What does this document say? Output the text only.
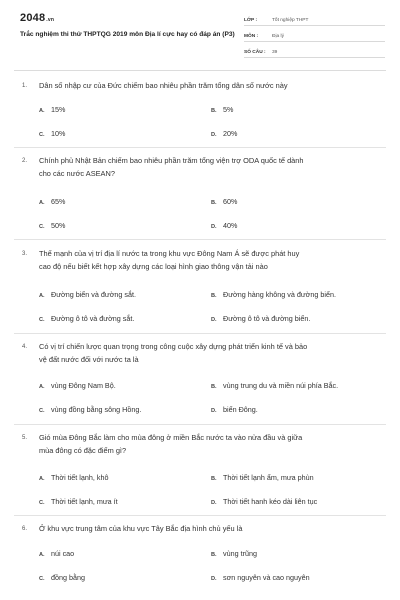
2048.vn
Trắc nghiệm thi thử THPTQG 2019 môn Địa lí cực hay có đáp án (P3)
LỚP :	Tốt nghiệp THPT
MÔN :	Địa lý
SỐ CÂU :	39
1.	Dân số nhập cư của Đức chiếm bao nhiêu phần trăm tổng dân số nước này
A. 15%	B. 5%
C. 10%	D. 20%
2.	Chính phủ Nhật Bản chiếm bao nhiêu phần trăm tổng viện trợ ODA quốc tế dành
cho các nước ASEAN?
A. 65%	B. 60%
C. 50%	D. 40%
3.	Thế mạnh của vị trí địa lí nước ta trong khu vực Đông Nam Á sẽ được phát huy
cao độ nếu biết kết hợp xây dựng các loại hình giao thông vận tải nào
A. Đường biển và đường sắt.	B. Đường hàng không và đường biển.
C. Đường ô tô và đường sắt.	D. Đường ô tô và đường biển.
4.	Có vị trí chiến lược quan trọng trong công cuộc xây dựng phát triển kinh tế và bảo
vệ đất nước đối với nước ta là
A. vùng Đông Nam Bộ.	B. vùng trung du và miền núi phía Bắc.
C. vùng đồng bằng sông Hồng.	D. biển Đông.
5.	Gió mùa Đông Bắc làm cho mùa đông ở miền Bắc nước ta vào nửa đầu và giữa
mùa đông có đặc điểm gì?
A. Thời tiết lạnh, khô	B. Thời tiết lạnh ẩm, mưa phùn
C. Thời tiết lạnh, mưa ít	D. Thời tiết hanh kéo dài liên tục
6.	Ở khu vực trung tâm của khu vực Tây Bắc địa hình chủ yếu là
A. núi cao	B. vùng trũng
C. đồng bằng	D. sơn nguyên và cao nguyên
